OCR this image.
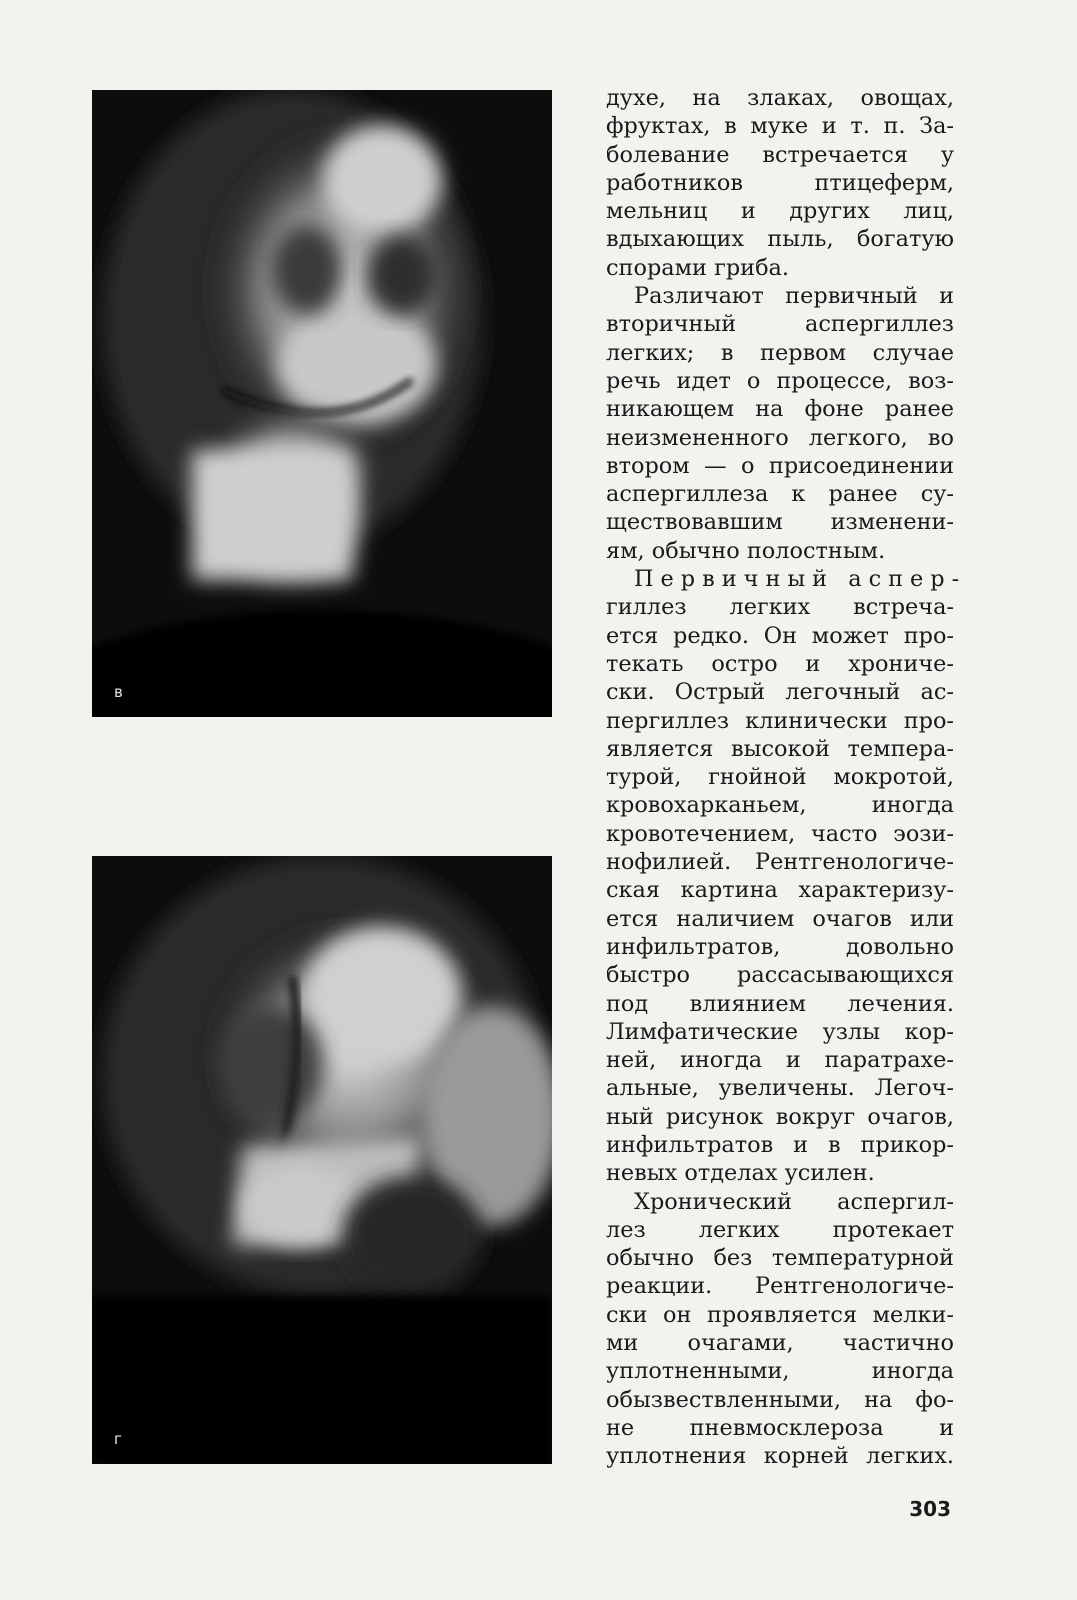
в
г
духе, на злаках, овощах,
фруктах, в муке и т. п. За-
болевание встречается у
работников птицеферм,
мельниц и других лиц,
вдыхающих пыль, богатую
спорами гриба.
Различают первичный и
вторичный аспергиллез
легких; в первом случае
речь идет о процессе, воз-
никающем на фоне ранее
неизмененного легкого, во
втором — о присоединении
аспергиллеза к ранее су-
ществовавшим изменени-
ям, обычно полостным.
Первичный аспер-
гиллез легких встреча-
ется редко. Он может про-
текать остро и хрониче-
ски. Острый легочный ас-
пергиллез клинически про-
является высокой темпера-
турой, гнойной мокротой,
кровохарканьем, иногда
кровотечением, часто эози-
нофилией. Рентгенологиче-
ская картина характеризу-
ется наличием очагов или
инфильтратов, довольно
быстро рассасывающихся
под влиянием лечения.
Лимфатические узлы кор-
ней, иногда и паратрахе-
альные, увеличены. Легоч-
ный рисунок вокруг очагов,
инфильтратов и в прикор-
невых отделах усилен.
Хронический аспергил-
лез легких протекает
обычно без температурной
реакции. Рентгенологиче-
ски он проявляется мелки-
ми очагами, частично
уплотненными, иногда
обызвествленными, на фо-
не пневмосклероза и
уплотнения корней легких.
303
